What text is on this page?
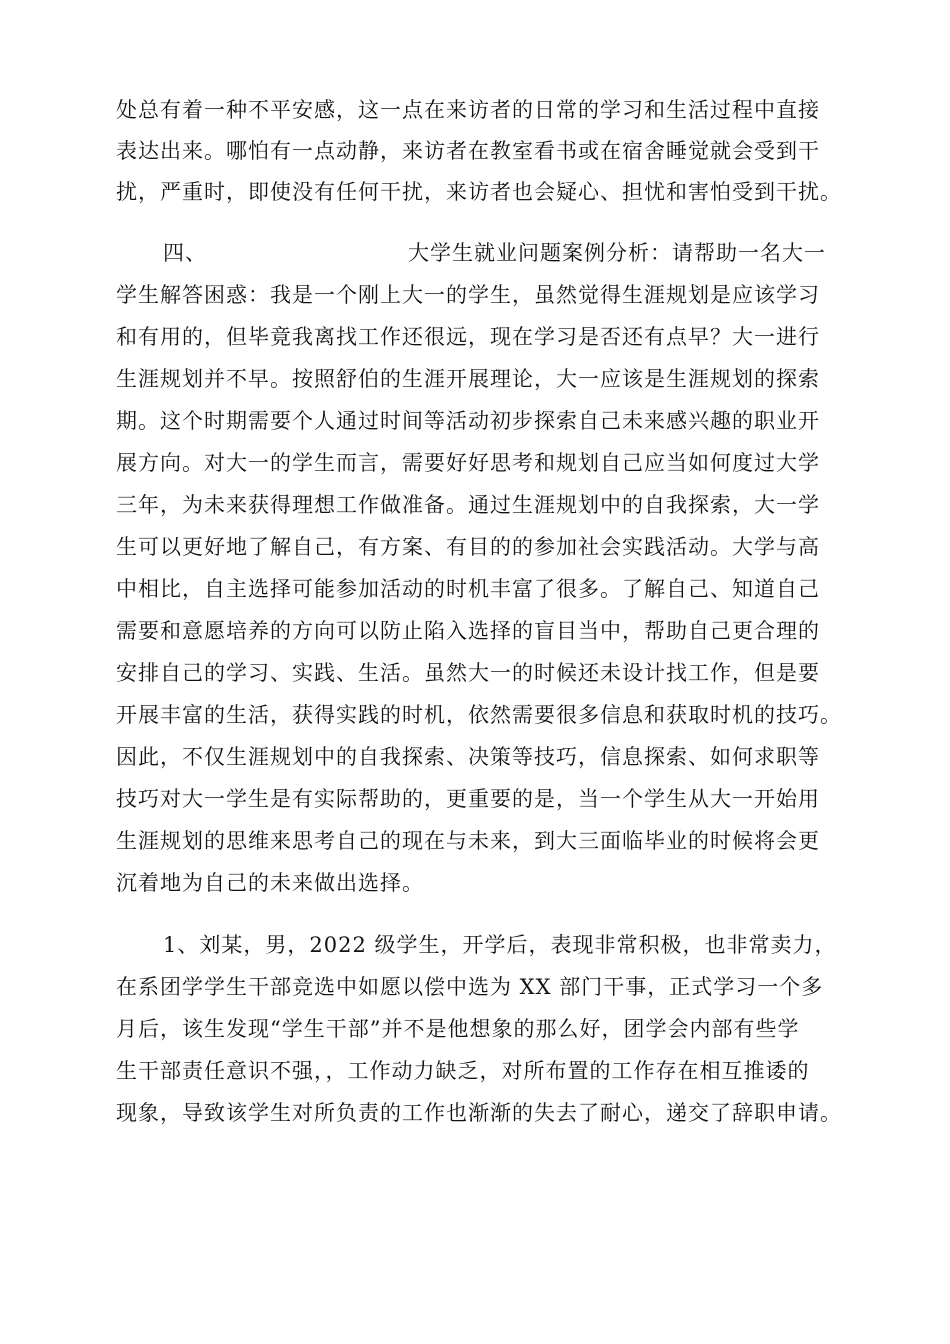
处总有着一种不平安感，这一点在来访者的日常的学习和生活过程中直接
表达出来。哪怕有一点动静，来访者在教室看书或在宿舍睡觉就会受到干
扰，严重时，即使没有任何干扰，来访者也会疑心、担忧和害怕受到干扰。
四、	大学生就业问题案例分析：请帮助一名大一
学生解答困惑：我是一个刚上大一的学生，虽然觉得生涯规划是应该学习
和有用的，但毕竟我离找工作还很远，现在学习是否还有点早？大一进行
生涯规划并不早。按照舒伯的生涯开展理论，大一应该是生涯规划的探索
期。这个时期需要个人通过时间等活动初步探索自己未来感兴趣的职业开
展方向。对大一的学生而言，需要好好思考和规划自己应当如何度过大学
三年，为未来获得理想工作做准备。通过生涯规划中的自我探索，大一学
生可以更好地了解自己，有方案、有目的的参加社会实践活动。大学与高
中相比，自主选择可能参加活动的时机丰富了很多。了解自己、知道自己
需要和意愿培养的方向可以防止陷入选择的盲目当中，帮助自己更合理的
安排自己的学习、实践、生活。虽然大一的时候还未设计找工作，但是要
开展丰富的生活，获得实践的时机，依然需要很多信息和获取时机的技巧。
因此，不仅生涯规划中的自我探索、决策等技巧，信息探索、如何求职等
技巧对大一学生是有实际帮助的，更重要的是，当一个学生从大一开始用
生涯规划的思维来思考自己的现在与未来，到大三面临毕业的时候将会更
沉着地为自己的未来做出选择。
1、刘某，男，2022 级学生，开学后，表现非常积极，也非常卖力，
在系团学学生干部竞选中如愿以偿中选为 XX 部门干事，正式学习一个多
月后，该生发现“学生干部”并不是他想象的那么好，团学会内部有些学
生干部责任意识不强，，工作动力缺乏，对所布置的工作存在相互推诿的
现象，导致该学生对所负责的工作也渐渐的失去了耐心，递交了辞职申请。
